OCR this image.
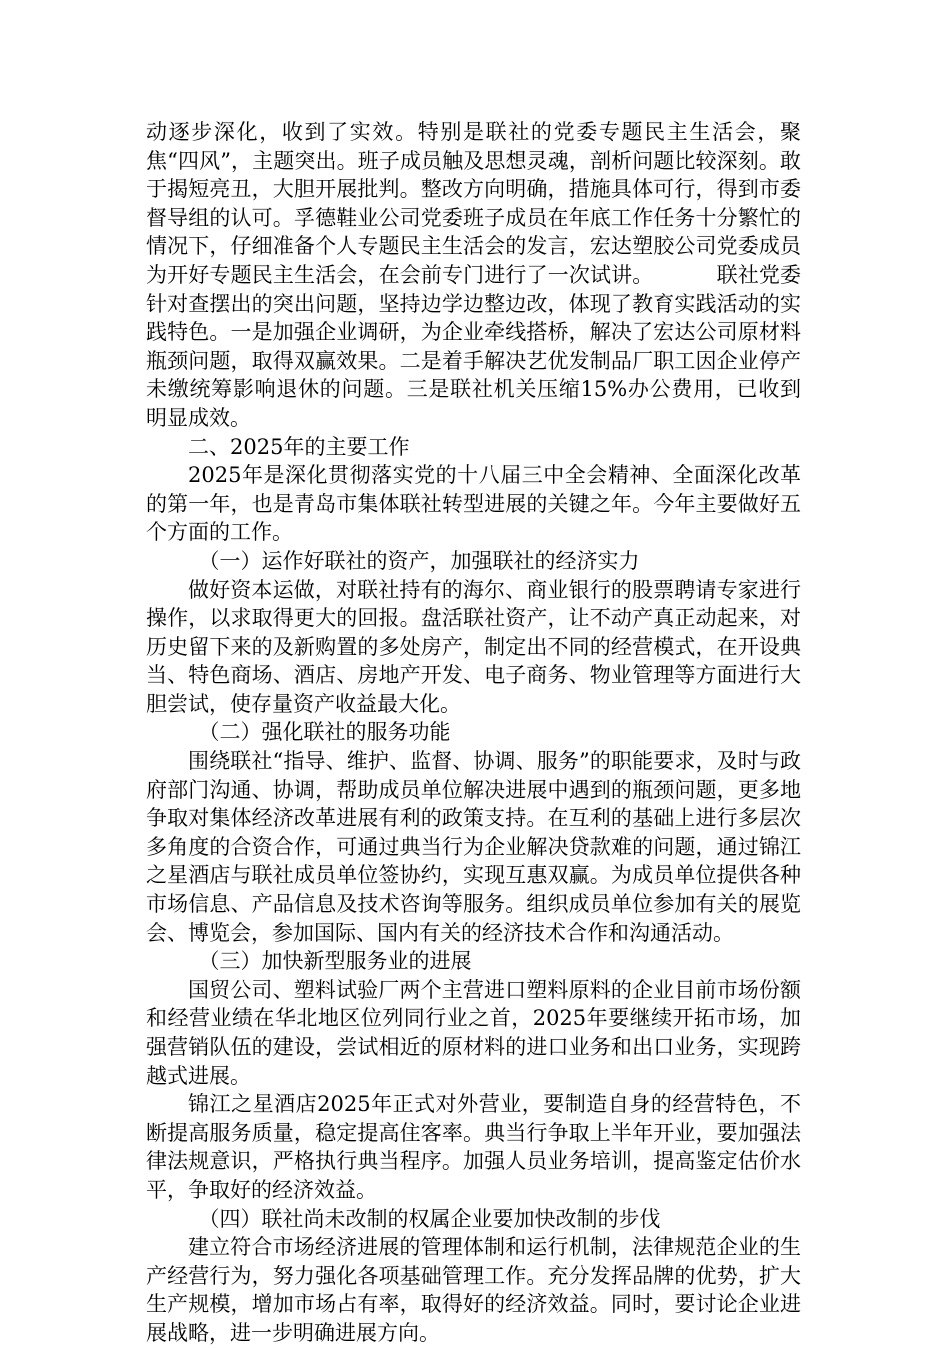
动逐步深化，收到了实效。特别是联社的党委专题民主生活会，聚焦“四风”，主题突出。班子成员触及思想灵魂，剖析问题比较深刻。敢于揭短亮丑，大胆开展批判。整改方向明确，措施具体可行，得到市委督导组的认可。孚德鞋业公司党委班子成员在年底工作任务十分繁忙的情况下，仔细准备个人专题民主生活会的发言，宏达塑胶公司党委成员为开好专题民主生活会，在会前专门进行了一次试讲。	联社党委针对查摆出的突出问题，坚持边学边整边改，体现了教育实践活动的实践特色。一是加强企业调研，为企业牵线搭桥，解决了宏达公司原材料瓶颈问题，取得双赢效果。二是着手解决艺优发制品厂职工因企业停产未缴统筹影响退休的问题。三是联社机关压缩15%办公费用，已收到明显成效。

二、2025年的主要工作

2025年是深化贯彻落实党的十八届三中全会精神、全面深化改革的第一年，也是青岛市集体联社转型进展的关键之年。今年主要做好五个方面的工作。

（一）运作好联社的资产，加强联社的经济实力

做好资本运做，对联社持有的海尔、商业银行的股票聘请专家进行操作，以求取得更大的回报。盘活联社资产，让不动产真正动起来，对历史留下来的及新购置的多处房产，制定出不同的经营模式，在开设典当、特色商场、酒店、房地产开发、电子商务、物业管理等方面进行大胆尝试，使存量资产收益最大化。

（二）强化联社的服务功能

围绕联社“指导、维护、监督、协调、服务”的职能要求，及时与政府部门沟通、协调，帮助成员单位解决进展中遇到的瓶颈问题，更多地争取对集体经济改革进展有利的政策支持。在互利的基础上进行多层次多角度的合资合作，可通过典当行为企业解决贷款难的问题，通过锦江之星酒店与联社成员单位签协约，实现互惠双赢。为成员单位提供各种市场信息、产品信息及技术咨询等服务。组织成员单位参加有关的展览会、博览会，参加国际、国内有关的经济技术合作和沟通活动。

（三）加快新型服务业的进展

国贸公司、塑料试验厂两个主营进口塑料原料的企业目前市场份额和经营业绩在华北地区位列同行业之首，2025年要继续开拓市场，加强营销队伍的建设，尝试相近的原材料的进口业务和出口业务，实现跨越式进展。

锦江之星酒店2025年正式对外营业，要制造自身的经营特色，不断提高服务质量，稳定提高住客率。典当行争取上半年开业，要加强法律法规意识，严格执行典当程序。加强人员业务培训，提高鉴定估价水平，争取好的经济效益。

（四）联社尚未改制的权属企业要加快改制的步伐

建立符合市场经济进展的管理体制和运行机制，法律规范企业的生产经营行为，努力强化各项基础管理工作。充分发挥品牌的优势，扩大生产规模，增加市场占有率，取得好的经济效益。同时，要讨论企业进展战略，进一步明确进展方向。
